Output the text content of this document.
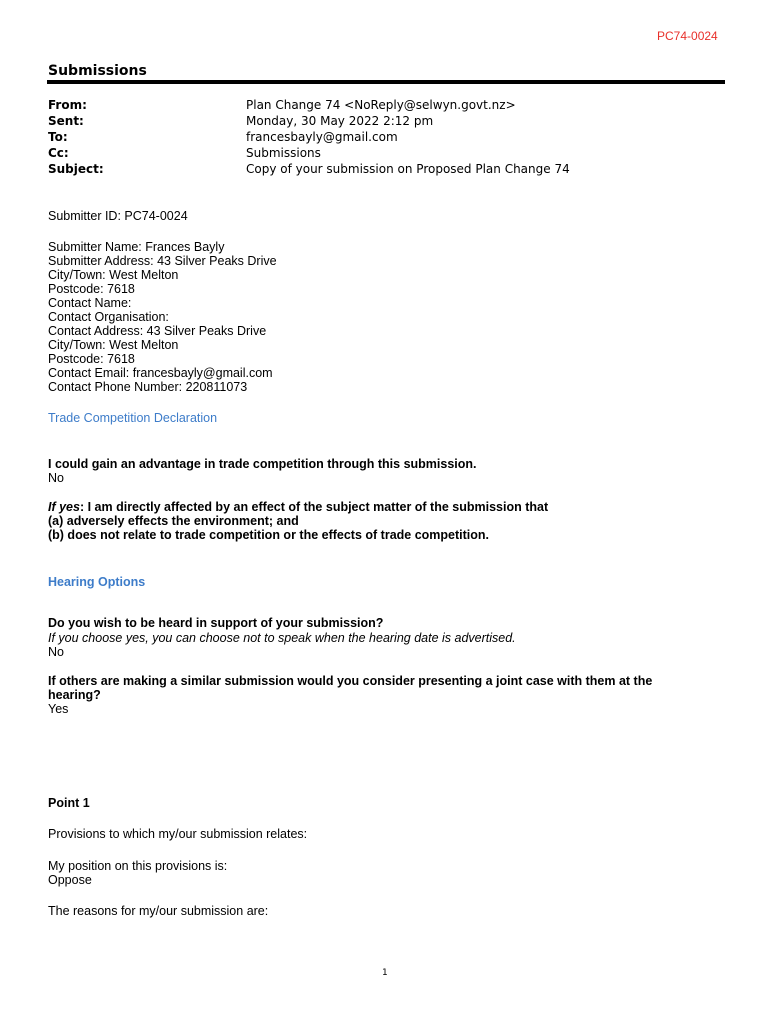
PC74-0024
Submissions
From:	Plan Change 74 <NoReply@selwyn.govt.nz>
Sent:	Monday, 30 May 2022 2:12 pm
To:	francesbayly@gmail.com
Cc:	Submissions
Subject:	Copy of your submission on Proposed Plan Change 74
Submitter ID: PC74-0024
Submitter Name: Frances Bayly
Submitter Address: 43 Silver Peaks Drive
City/Town: West Melton
Postcode: 7618
Contact Name:
Contact Organisation:
Contact Address: 43 Silver Peaks Drive
City/Town: West Melton
Postcode: 7618
Contact Email: francesbayly@gmail.com
Contact Phone Number: 220811073
Trade Competition Declaration
I could gain an advantage in trade competition through this submission.
No
If yes: I am directly affected by an effect of the subject matter of the submission that
(a) adversely effects the environment; and
(b) does not relate to trade competition or the effects of trade competition.
Hearing Options
Do you wish to be heard in support of your submission?
If you choose yes, you can choose not to speak when the hearing date is advertised.
No
If others are making a similar submission would you consider presenting a joint case with them at the
hearing?
Yes
Point 1
Provisions to which my/our submission relates:
My position on this provisions is:
Oppose
The reasons for my/our submission are:
1
